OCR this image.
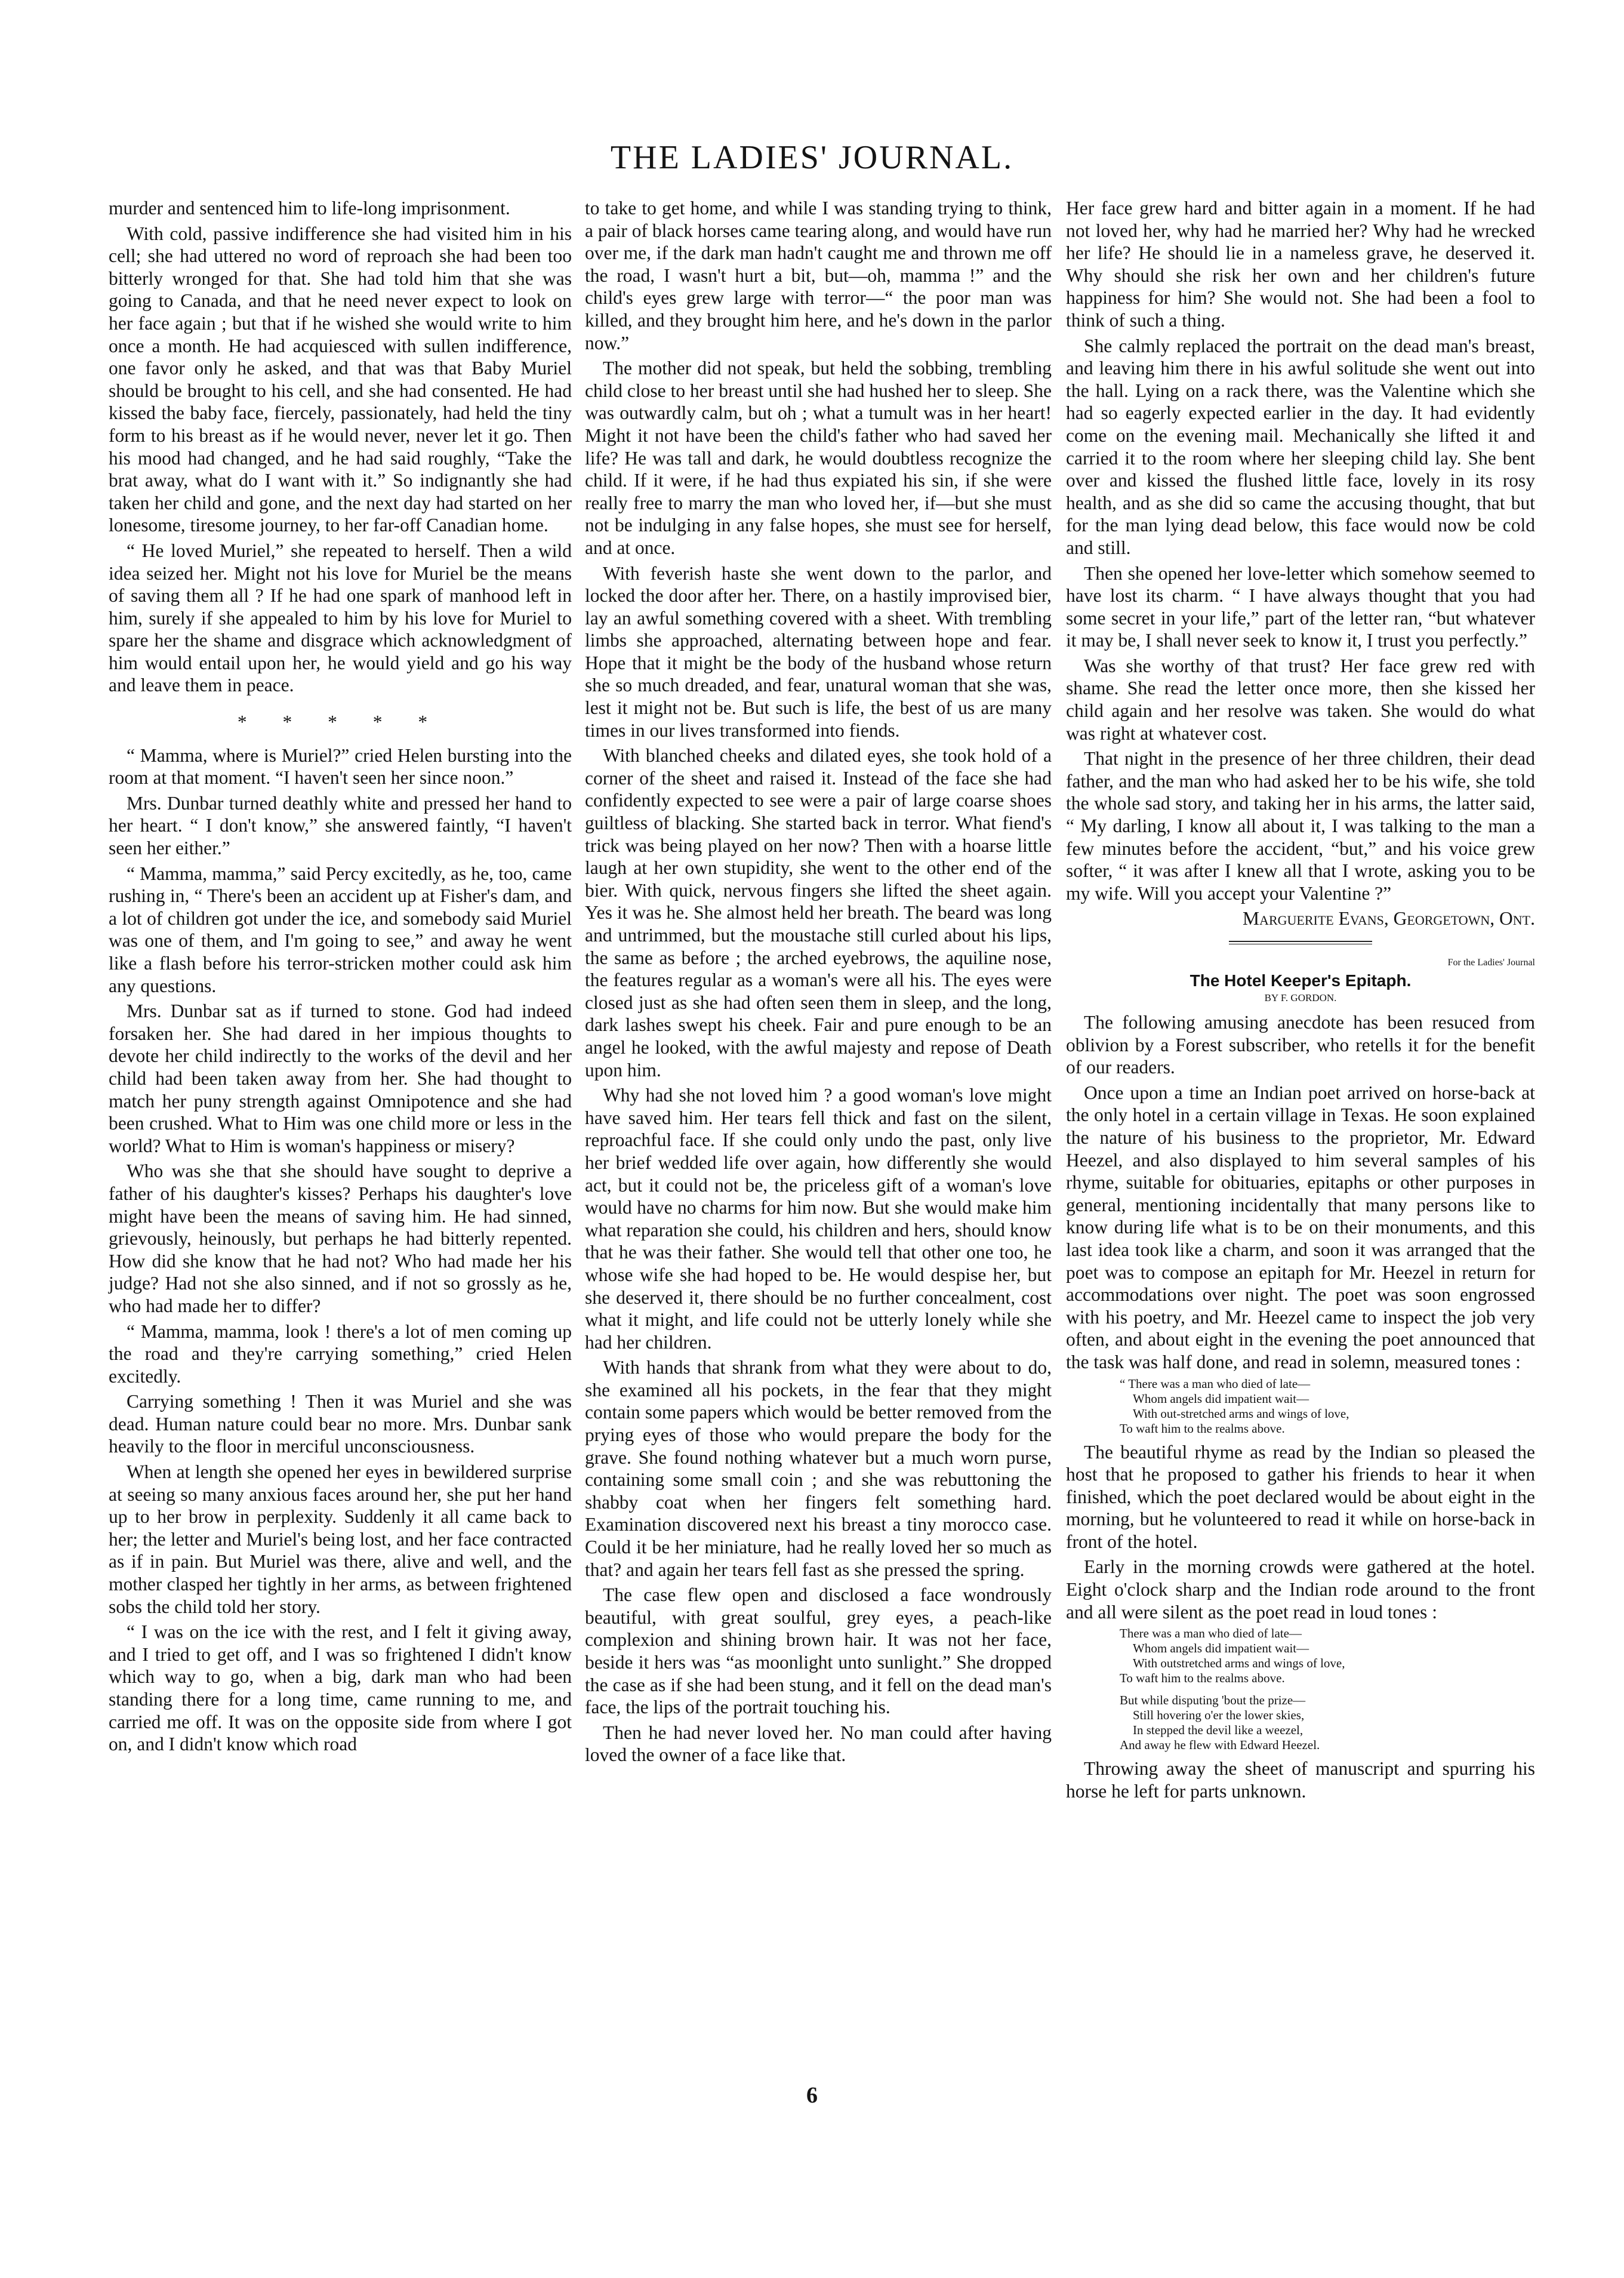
THE LADIES' JOURNAL.

murder and sentenced him to life-long imprisonment.

With cold, passive indifference she had visited him in his cell; she had uttered no word of reproach she had been too bitterly wronged for that. She had told him that she was going to Canada, and that he need never expect to look on her face again ; but that if he wished she would write to him once a month. He had acquiesced with sullen indifference, one favor only he asked, and that was that Baby Muriel should be brought to his cell, and she had consented. He had kissed the baby face, fiercely, passionately, had held the tiny form to his breast as if he would never, never let it go. Then his mood had changed, and he had said roughly, “Take the brat away, what do I want with it.” So indignantly she had taken her child and gone, and the next day had started on her lonesome, tiresome journey, to her far-off Canadian home.

“ He loved Muriel,” she repeated to herself. Then a wild idea seized her. Might not his love for Muriel be the means of saving them all ? If he had one spark of manhood left in him, surely if she appealed to him by his love for Muriel to spare her the shame and disgrace which acknowledgment of him would entail upon her, he would yield and go his way and leave them in peace.

* * * * *

“ Mamma, where is Muriel?” cried Helen bursting into the room at that moment. “I haven't seen her since noon.”

Mrs. Dunbar turned deathly white and pressed her hand to her heart. “ I don't know,” she answered faintly, “I haven't seen her either.”

“ Mamma, mamma,” said Percy excitedly, as he, too, came rushing in, “ There's been an accident up at Fisher's dam, and a lot of children got under the ice, and somebody said Muriel was one of them, and I'm going to see,” and away he went like a flash before his terror-stricken mother could ask him any questions.

Mrs. Dunbar sat as if turned to stone. God had indeed forsaken her. She had dared in her impious thoughts to devote her child indirectly to the works of the devil and her child had been taken away from her. She had thought to match her puny strength against Omnipotence and she had been crushed. What to Him was one child more or less in the world? What to Him is woman's happiness or misery?

Who was she that she should have sought to deprive a father of his daughter's kisses? Perhaps his daughter's love might have been the means of saving him. He had sinned, grievously, heinously, but perhaps he had bitterly repented. How did she know that he had not? Who had made her his judge? Had not she also sinned, and if not so grossly as he, who had made her to differ?

“ Mamma, mamma, look ! there's a lot of men coming up the road and they're carrying something,” cried Helen excitedly.

Carrying something ! Then it was Muriel and she was dead. Human nature could bear no more. Mrs. Dunbar sank heavily to the floor in merciful unconsciousness.

When at length she opened her eyes in bewildered surprise at seeing so many anxious faces around her, she put her hand up to her brow in perplexity. Suddenly it all came back to her; the letter and Muriel's being lost, and her face contracted as if in pain. But Muriel was there, alive and well, and the mother clasped her tightly in her arms, as between frightened sobs the child told her story.

“ I was on the ice with the rest, and I felt it giving away, and I tried to get off, and I was so frightened I didn't know which way to go, when a big, dark man who had been standing there for a long time, came running to me, and carried me off. It was on the opposite side from where I got on, and I didn't know which road

to take to get home, and while I was standing trying to think, a pair of black horses came tearing along, and would have run over me, if the dark man hadn't caught me and thrown me off the road, I wasn't hurt a bit, but—oh, mamma !” and the child's eyes grew large with terror—“ the poor man was killed, and they brought him here, and he's down in the parlor now.”

The mother did not speak, but held the sobbing, trembling child close to her breast until she had hushed her to sleep. She was outwardly calm, but oh ; what a tumult was in her heart! Might it not have been the child's father who had saved her life? He was tall and dark, he would doubtless recognize the child. If it were, if he had thus expiated his sin, if she were really free to marry the man who loved her, if—but she must not be indulging in any false hopes, she must see for herself, and at once.

With feverish haste she went down to the parlor, and locked the door after her. There, on a hastily improvised bier, lay an awful something covered with a sheet. With trembling limbs she approached, alternating between hope and fear. Hope that it might be the body of the husband whose return she so much dreaded, and fear, unatural woman that she was, lest it might not be. But such is life, the best of us are many times in our lives transformed into fiends.

With blanched cheeks and dilated eyes, she took hold of a corner of the sheet and raised it. Instead of the face she had confidently expected to see were a pair of large coarse shoes guiltless of blacking. She started back in terror. What fiend's trick was being played on her now? Then with a hoarse little laugh at her own stupidity, she went to the other end of the bier. With quick, nervous fingers she lifted the sheet again. Yes it was he. She almost held her breath. The beard was long and untrimmed, but the moustache still curled about his lips, the same as before ; the arched eyebrows, the aquiline nose, the features regular as a woman's were all his. The eyes were closed just as she had often seen them in sleep, and the long, dark lashes swept his cheek. Fair and pure enough to be an angel he looked, with the awful majesty and repose of Death upon him.

Why had she not loved him ? a good woman's love might have saved him. Her tears fell thick and fast on the silent, reproachful face. If she could only undo the past, only live her brief wedded life over again, how differently she would act, but it could not be, the priceless gift of a woman's love would have no charms for him now. But she would make him what reparation she could, his children and hers, should know that he was their father. She would tell that other one too, he whose wife she had hoped to be. He would despise her, but she deserved it, there should be no further concealment, cost what it might, and life could not be utterly lonely while she had her children.

With hands that shrank from what they were about to do, she examined all his pockets, in the fear that they might contain some papers which would be better removed from the prying eyes of those who would prepare the body for the grave. She found nothing whatever but a much worn purse, containing some small coin ; and she was rebuttoning the shabby coat when her fingers felt something hard. Examination discovered next his breast a tiny morocco case. Could it be her miniature, had he really loved her so much as that? and again her tears fell fast as she pressed the spring.

The case flew open and disclosed a face wondrously beautiful, with great soulful, grey eyes, a peach-like complexion and shining brown hair. It was not her face, beside it hers was “as moonlight unto sunlight.” She dropped the case as if she had been stung, and it fell on the dead man's face, the lips of the portrait touching his.

Then he had never loved her. No man could after having loved the owner of a face like that.

Her face grew hard and bitter again in a moment. If he had not loved her, why had he married her? Why had he wrecked her life? He should lie in a nameless grave, he deserved it. Why should she risk her own and her children's future happiness for him? She would not. She had been a fool to think of such a thing.

She calmly replaced the portrait on the dead man's breast, and leaving him there in his awful solitude she went out into the hall. Lying on a rack there, was the Valentine which she had so eagerly expected earlier in the day. It had evidently come on the evening mail. Mechanically she lifted it and carried it to the room where her sleeping child lay. She bent over and kissed the flushed little face, lovely in its rosy health, and as she did so came the accusing thought, that but for the man lying dead below, this face would now be cold and still.

Then she opened her love-letter which somehow seemed to have lost its charm. “ I have always thought that you had some secret in your life,” part of the letter ran, “but whatever it may be, I shall never seek to know it, I trust you perfectly.”

Was she worthy of that trust? Her face grew red with shame. She read the letter once more, then she kissed her child again and her resolve was taken. She would do what was right at whatever cost.

That night in the presence of her three children, their dead father, and the man who had asked her to be his wife, she told the whole sad story, and taking her in his arms, the latter said, “ My darling, I know all about it, I was talking to the man a few minutes before the accident, “but,” and his voice grew softer, “ it was after I knew all that I wrote, asking you to be my wife. Will you accept your Valentine ?”

Marguerite Evans, Georgetown, Ont.
For the Ladies' Journal
The Hotel Keeper's Epitaph.
BY F. GORDON.

The following amusing anecdote has been resuced from oblivion by a Forest subscriber, who retells it for the benefit of our readers.

Once upon a time an Indian poet arrived on horse-back at the only hotel in a certain village in Texas. He soon explained the nature of his business to the proprietor, Mr. Edward Heezel, and also displayed to him several samples of his rhyme, suitable for obituaries, epitaphs or other purposes in general, mentioning incidentally that many persons like to know during life what is to be on their monuments, and this last idea took like a charm, and soon it was arranged that the poet was to compose an epitaph for Mr. Heezel in return for accommodations over night. The poet was soon engrossed with his poetry, and Mr. Heezel came to inspect the job very often, and about eight in the evening the poet announced that the task was half done, and read in solemn, measured tones :

“ There was a man who died of late—
Whom angels did impatient wait—
With out-stretched arms and wings of love,
To waft him to the realms above.

The beautiful rhyme as read by the Indian so pleased the host that he proposed to gather his friends to hear it when finished, which the poet declared would be about eight in the morning, but he volunteered to read it while on horse-back in front of the hotel.

Early in the morning crowds were gathered at the hotel. Eight o'clock sharp and the Indian rode around to the front and all were silent as the poet read in loud tones :

There was a man who died of late—
Whom angels did impatient wait—
With outstretched arms and wings of love,
To waft him to the realms above.
But while disputing 'bout the prize—
Still hovering o'er the lower skies,
In stepped the devil like a weezel,
And away he flew with Edward Heezel.

Throwing away the sheet of manuscript and spurring his horse he left for parts unknown.

6
